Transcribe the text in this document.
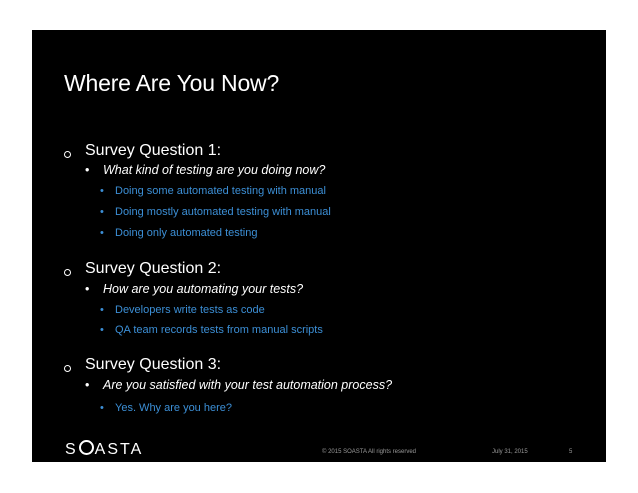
Where Are You Now?
Survey Question 1:
• What kind of testing are you doing now?
• Doing some automated testing with manual
• Doing mostly automated testing with manual
• Doing only automated testing
Survey Question 2:
• How are you automating your tests?
• Developers write tests as code
• QA team records tests from manual scripts
Survey Question 3:
• Are you satisfied with your test automation process?
• Yes. Why are you here?
S ASTA	© 2015 SOASTA All rights reserved	July 31, 2015	5
